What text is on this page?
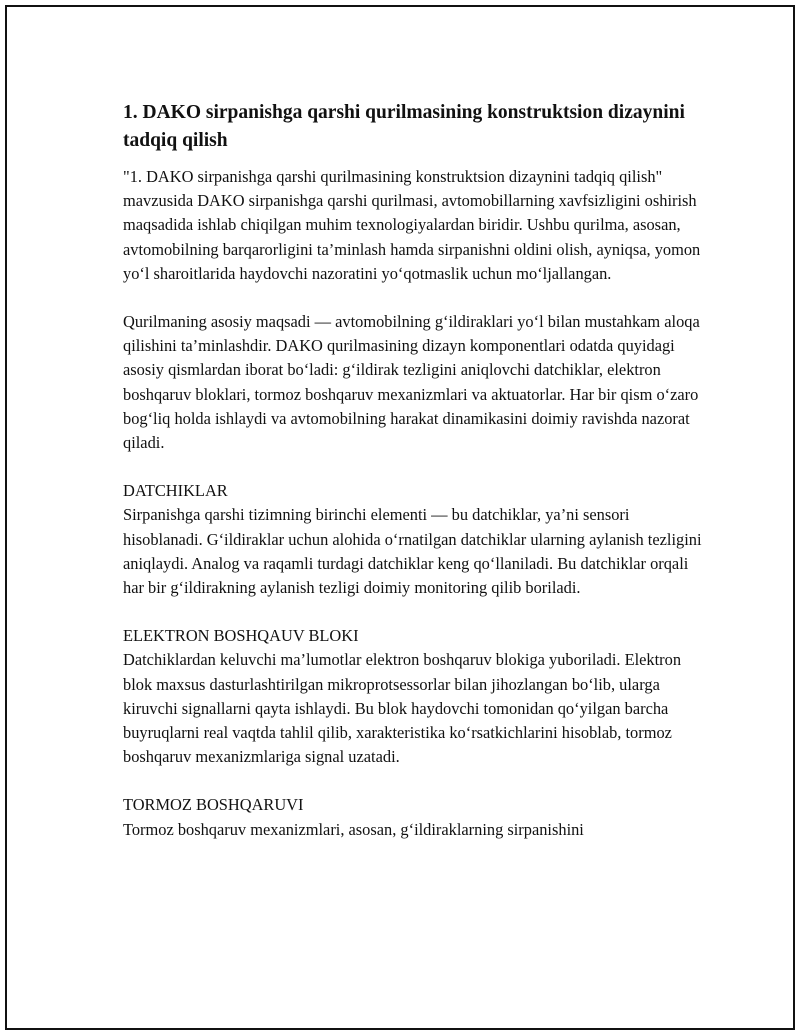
1. DAKO sirpanishga qarshi qurilmasining konstruktsion dizaynini tadqiq qilish

"1. DAKO sirpanishga qarshi qurilmasining konstruktsion dizaynini tadqiq qilish" mavzusida DAKO sirpanishga qarshi qurilmasi, avtomobillarning xavfsizligini oshirish maqsadida ishlab chiqilgan muhim texnologiyalardan biridir. Ushbu qurilma, asosan, avtomobilning barqarorligini ta’minlash hamda sirpanishni oldini olish, ayniqsa, yomon yo‘l sharoitlarida haydovchi nazoratini yo‘qotmaslik uchun mo‘ljallangan.

Qurilmaning asosiy maqsadi — avtomobilning g‘ildiraklari yo‘l bilan mustahkam aloqa qilishini ta’minlashdir. DAKO qurilmasining dizayn komponentlari odatda quyidagi asosiy qismlardan iborat bo‘ladi: g‘ildirak tezligini aniqlovchi datchiklar, elektron boshqaruv bloklari, tormoz boshqaruv mexanizmlari va aktuatorlar. Har bir qism o‘zaro bog‘liq holda ishlaydi va avtomobilning harakat dinamikasini doimiy ravishda nazorat qiladi.

DATCHIKLAR

Sirpanishga qarshi tizimning birinchi elementi — bu datchiklar, ya’ni sensori hisoblanadi. G‘ildiraklar uchun alohida o‘rnatilgan datchiklar ularning aylanish tezligini aniqlaydi. Analog va raqamli turdagi datchiklar keng qo‘llaniladi. Bu datchiklar orqali har bir g‘ildirakning aylanish tezligi doimiy monitoring qilib boriladi.

ELEKTRON BOSHQAUV BLOKI

Datchiklardan keluvchi ma’lumotlar elektron boshqaruv blokiga yuboriladi. Elektron blok maxsus dasturlashtirilgan mikroprotsessorlar bilan jihozlangan bo‘lib, ularga kiruvchi signallarni qayta ishlaydi. Bu blok haydovchi tomonidan qo‘yilgan barcha buyruqlarni real vaqtda tahlil qilib, xarakteristika ko‘rsatkichlarini hisoblab, tormoz boshqaruv mexanizmlariga signal uzatadi.

TORMOZ BOSHQARUVI

Tormoz boshqaruv mexanizmlari, asosan, g‘ildiraklarning sirpanishini
